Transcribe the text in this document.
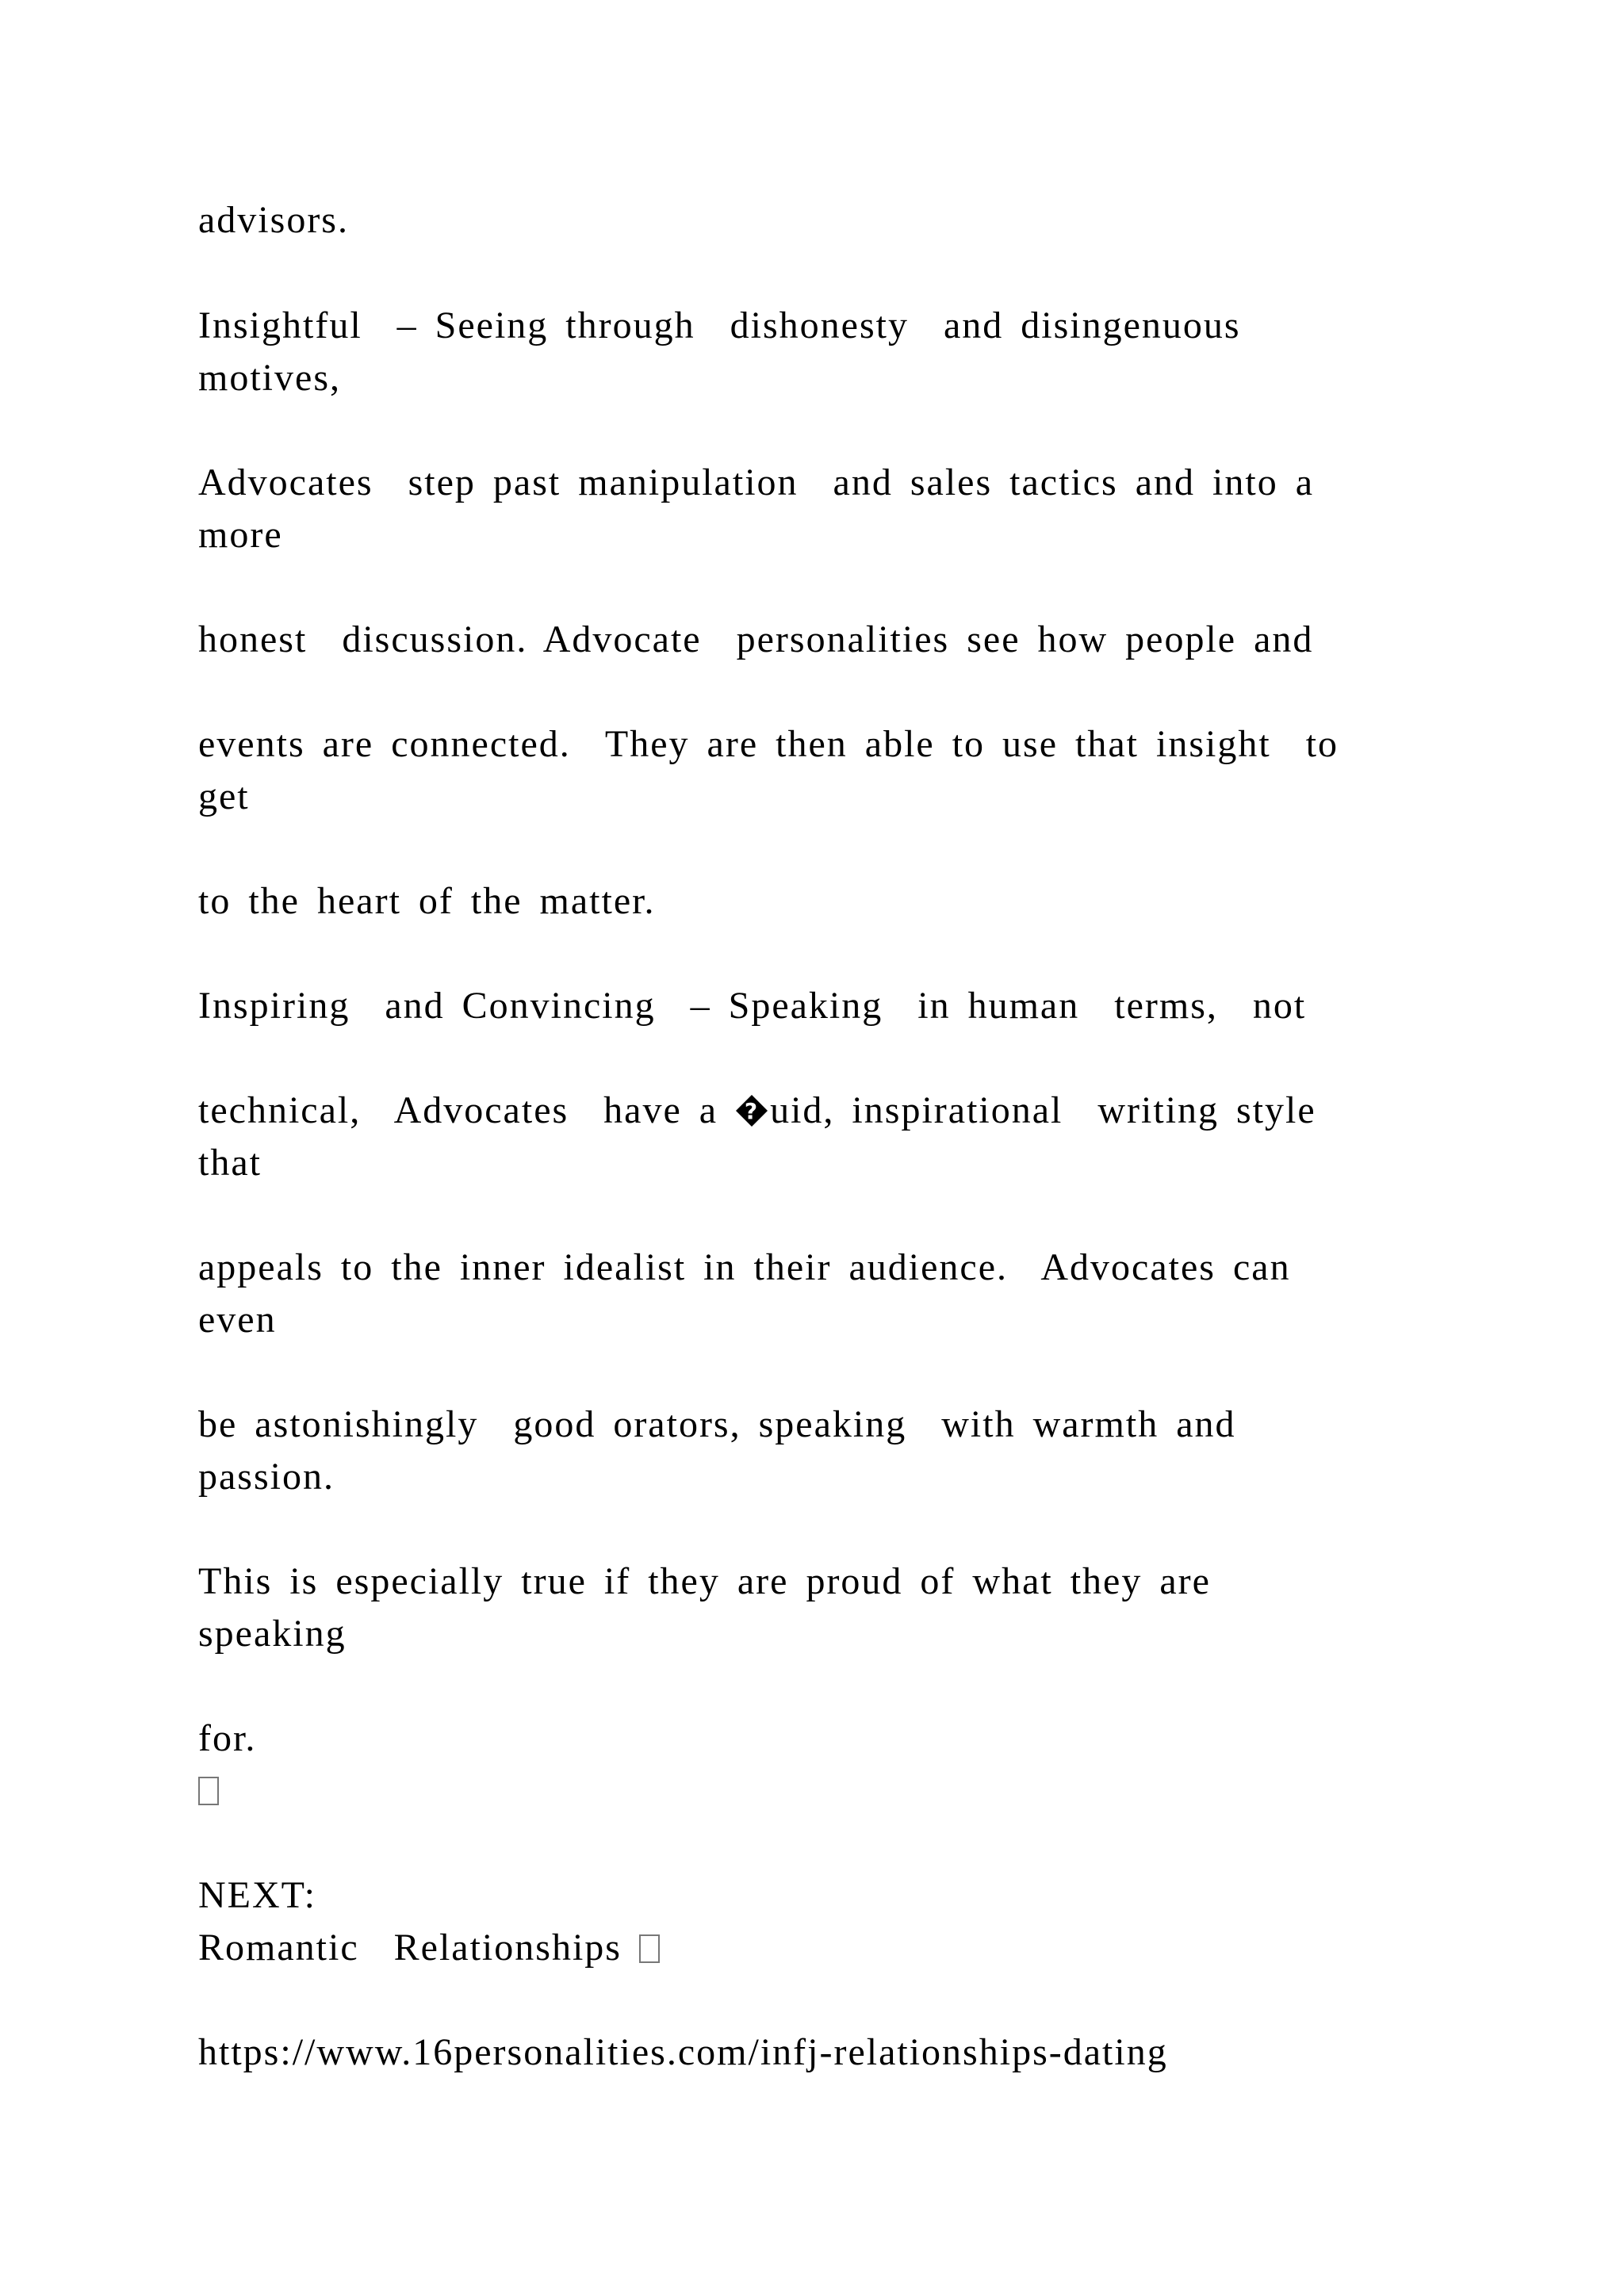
advisors.

Insightful  – Seeing through  dishonesty  and disingenuous

motives,

Advocates  step past manipulation  and sales tactics and into a

more

honest  discussion. Advocate  personalities see how people and

events are connected.  They are then able to use that insight  to

get

to the heart of the matter.

Inspiring  and Convincing  – Speaking  in human  terms,  not

technical,  Advocates  have a ? uid, inspirational  writing style

that

appeals to the inner idealist in their audience.  Advocates can

even

be astonishingly  good orators, speaking  with warmth and

passion.

This is especially true if they are proud of what they are

speaking

for.

NEXT:

Romantic  Relationships

https://www.16personalities.com/infj-relationships-dating
